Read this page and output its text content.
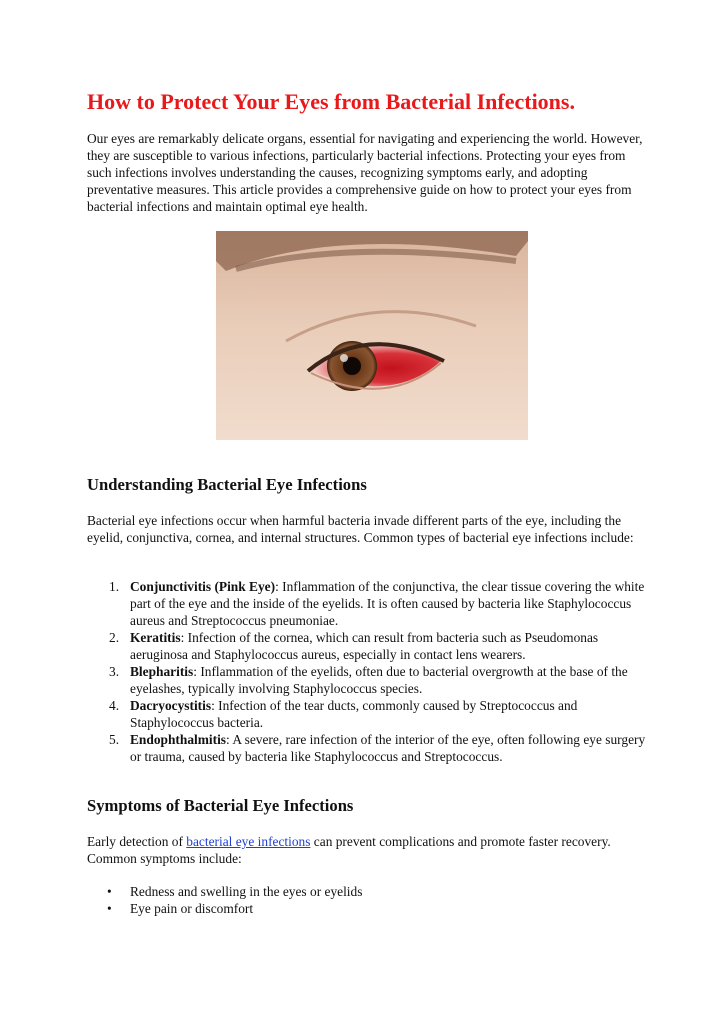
How to Protect Your Eyes from Bacterial Infections.

Our eyes are remarkably delicate organs, essential for navigating and experiencing the world. However, they are susceptible to various infections, particularly bacterial infections. Protecting your eyes from such infections involves understanding the causes, recognizing symptoms early, and adopting preventative measures. This article provides a comprehensive guide on how to protect your eyes from bacterial infections and maintain optimal eye health.

Understanding Bacterial Eye Infections

Bacterial eye infections occur when harmful bacteria invade different parts of the eye, including the eyelid, conjunctiva, cornea, and internal structures. Common types of bacterial eye infections include:

1. Conjunctivitis (Pink Eye): Inflammation of the conjunctiva, the clear tissue covering the white part of the eye and the inside of the eyelids. It is often caused by bacteria like Staphylococcus aureus and Streptococcus pneumoniae.
2. Keratitis: Infection of the cornea, which can result from bacteria such as Pseudomonas aeruginosa and Staphylococcus aureus, especially in contact lens wearers.
3. Blepharitis: Inflammation of the eyelids, often due to bacterial overgrowth at the base of the eyelashes, typically involving Staphylococcus species.
4. Dacryocystitis: Infection of the tear ducts, commonly caused by Streptococcus and Staphylococcus bacteria.
5. Endophthalmitis: A severe, rare infection of the interior of the eye, often following eye surgery or trauma, caused by bacteria like Staphylococcus and Streptococcus.
Symptoms of Bacterial Eye Infections

Early detection of bacterial eye infections can prevent complications and promote faster recovery. Common symptoms include:

• Redness and swelling in the eyes or eyelids
• Eye pain or discomfort
